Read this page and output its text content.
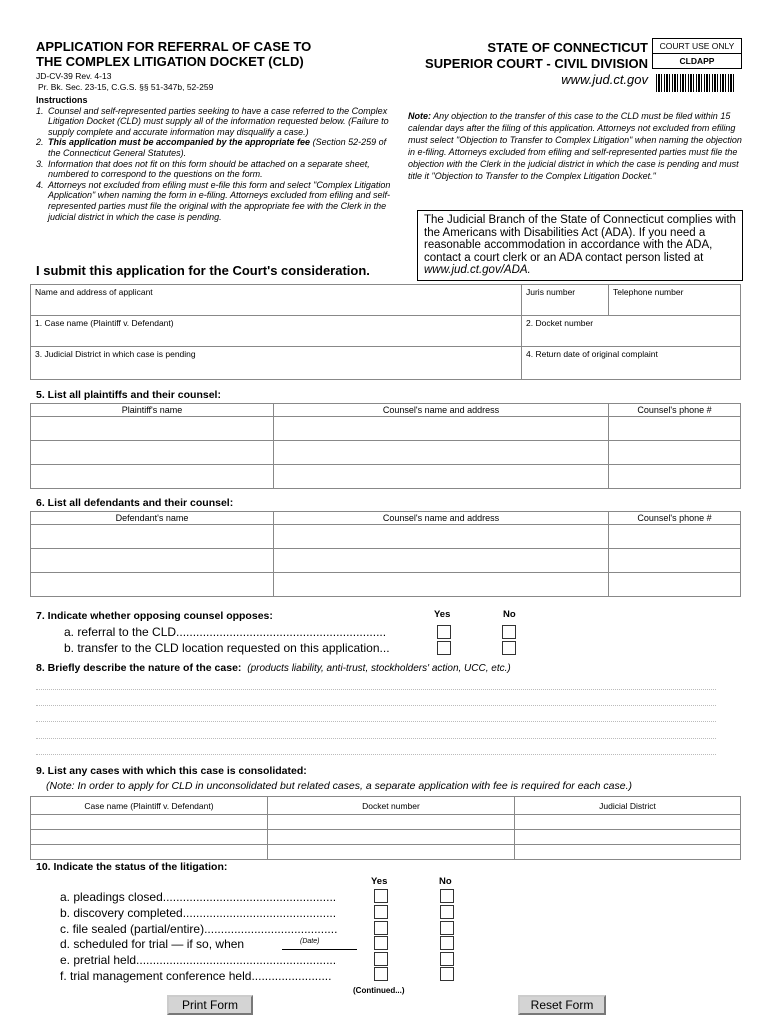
APPLICATION FOR REFERRAL OF CASE TO
THE COMPLEX LITIGATION DOCKET (CLD)
JD-CV-39 Rev. 4-13
Pr. Bk. Sec. 23-15, C.G.S. §§ 51-347b, 52-259
Instructions
1. Counsel and self-represented parties seeking to have a case referred to the Complex Litigation Docket (CLD) must supply all of the information requested below. (Failure to supply complete and accurate information may disqualify a case.)
2. This application must be accompanied by the appropriate fee (Section 52-259 of the Connecticut General Statutes).
3. Information that does not fit on this form should be attached on a separate sheet, numbered to correspond to the questions on the form.
4. Attorneys not excluded from efiling must e-file this form and select "Complex Litigation Application" when naming the form in e-filing. Attorneys excluded from efiling and self-represented parties must file the original with the appropriate fee with the Clerk in the judicial district in which the case is pending.
STATE OF CONNECTICUT
SUPERIOR COURT - CIVIL DIVISION
www.jud.ct.gov
COURT USE ONLY
CLDAPP
Note: Any objection to the transfer of this case to the CLD must be filed within 15 calendar days after the filing of this application. Attorneys not excluded from efiling must select "Objection to Transfer to Complex Litigation" when naming the objection in e-filing. Attorneys excluded from efiling and self-represented parties must file the objection with the Clerk in the judicial district in which the case is pending and must title it "Objection to Transfer to the Complex Litigation Docket."
The Judicial Branch of the State of Connecticut complies with the Americans with Disabilities Act (ADA). If you need a reasonable accommodation in accordance with the ADA, contact a court clerk or an ADA contact person listed at www.jud.ct.gov/ADA.
I submit this application for the Court's consideration.
Name and address of applicant	Juris number	Telephone number
1. Case name (Plaintiff v. Defendant)	2. Docket number	
3. Judicial District in which case is pending	4. Return date of original complaint	
5. List all plaintiffs and their counsel:
Plaintiff's name	Counsel's name and address	Counsel's phone #

6. List all defendants and their counsel:
Defendant's name	Counsel's name and address	Counsel's phone #

7. Indicate whether opposing counsel opposes:	Yes	No
a. referral to the CLD...............................................................
b. transfer to the CLD location requested on this application...
8. Briefly describe the nature of the case: (products liability, anti-trust, stockholders' action, UCC, etc.)
9. List any cases with which this case is consolidated:
(Note: In order to apply for CLD in unconsolidated but related cases, a separate application with fee is required for each case.)
Case name (Plaintiff v. Defendant)	Docket number	Judicial District

10. Indicate the status of the litigation:
Yes	No
a. pleadings closed....................................................
b. discovery completed..............................................
c. file sealed (partial/entire)........................................
d. scheduled for trial — if so, when	(Date)
e. pretrial held............................................................
f. trial management conference held........................
(Continued...)
Print Form	Reset Form
